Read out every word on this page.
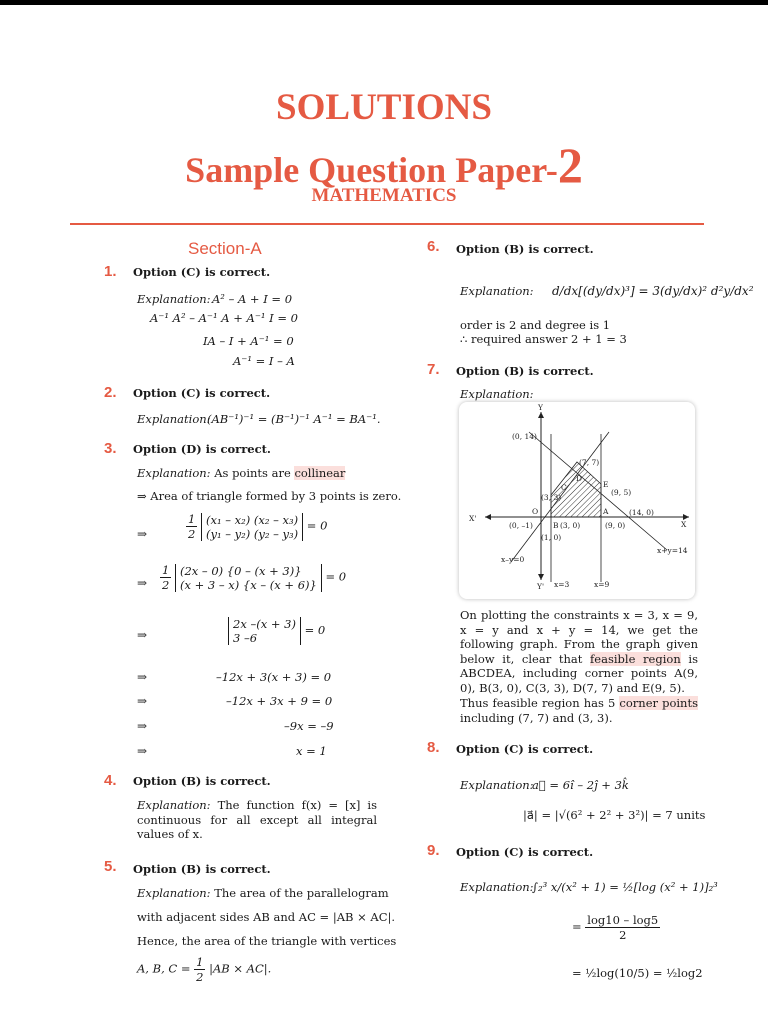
SOLUTIONS
Sample Question Paper-2
MATHEMATICS
Section-A
1. Option (C) is correct.
Explanation: A² – A + I = 0
A⁻¹ A² – A⁻¹ A + A⁻¹ I = 0
IA – I + A⁻¹ = 0
A⁻¹ = I – A
2. Option (C) is correct.
Explanation:
(AB⁻¹)⁻¹ = (B⁻¹)⁻¹ A⁻¹ = BA⁻¹.
3. Option (D) is correct.
Explanation: As points are collinear
⇒ Area of triangle formed by 3 points is zero.
⇒	$\frac{1}{2}$
(x₁ – x₂) (x₂ – x₃)
(y₁ – y₂) (y₂ – y₃)
= 0
⇒ $\frac{1}{2}$
(2x – 0) {0 – (x + 3)}
(x + 3 – x) {x – (x + 6)}
= 0
⇒
2x –(x + 3)
3 –6
= 0
⇒	–12x + 3(x + 3) = 0
⇒	–12x + 3x + 9 = 0
⇒	–9x = –9
⇒	x = 1
4. Option (B) is correct.
Explanation: The function f(x) = [x] is continuous for all except all integral values of x.
5. Option (B) is correct.
Explanation: The area of the parallelogram
with adjacent sides AB and AC = |AB × AC|.
Hence, the area of the triangle with vertices
A, B, $C = \frac{1}{2} |AB \times AC|$.
6. Option (B) is correct.
Explanation: d/dx[(dy/dx)³] = 3(dy/dx)² d²y/dx²
order is 2 and degree is 1
∴ required answer 2 + 1 = 3
7. Option (B) is correct.
Explanation:
Y
Y'
X
X'
O
(0, 14)
(7, 7)
D
E
(9, 5)
C
(3, 3)
A	(14, 0)
(0, –1)	B (3, 0)	(9, 0)
(1, 0)
x–y=0
x=3	x=9
x+y=14
On plotting the constraints x = 3, x = 9, x = y and x + y = 14, we get the following graph. From the graph given below it, clear that feasible region is ABCDEA, including corner points A(9, 0), B(3, 0), C(3, 3), D(7, 7) and E(9, 5).
Thus feasible region has 5 corner points including (7, 7) and (3, 3).
8. Option (C) is correct.
Explanation:
a⃗ = 6î – 2ĵ + 3k̂
|a⃗| = |√(6² + 2² + 3²)| = 7 units
9. Option (C) is correct.
Explanation:
∫₂³ x/(x² + 1) = ½[log (x² + 1)]₂³
= $\frac{\log 10 - \log 5}{2}$
= ½log(10/5) = ½log2
